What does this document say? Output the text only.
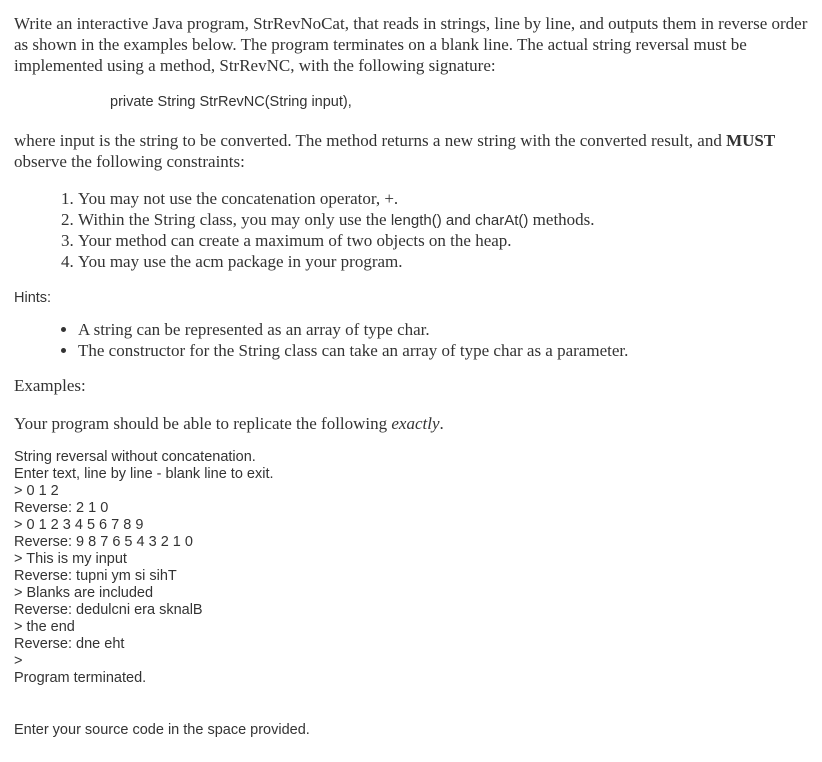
Write an interactive Java program, StrRevNoCat, that reads in strings, line by line, and outputs them in reverse order as shown in the examples below. The program terminates on a blank line. The actual string reversal must be implemented using a method, StrRevNC, with the following signature:

private String StrRevNC(String input),

where input is the string to be converted. The method returns a new string with the converted result, and MUST observe the following constraints:

1. You may not use the concatenation operator, +.
2. Within the String class, you may only use the length() and charAt() methods.
3. Your method can create a maximum of two objects on the heap.
4. You may use the acm package in your program.

Hints:

• A string can be represented as an array of type char.
• The constructor for the String class can take an array of type char as a parameter.

Examples:

Your program should be able to replicate the following exactly.

String reversal without concatenation.
Enter text, line by line - blank line to exit.
> 0 1 2
Reverse: 2 1 0
> 0 1 2 3 4 5 6 7 8 9
Reverse: 9 8 7 6 5 4 3 2 1 0
> This is my input
Reverse: tupni ym si sihT
> Blanks are included
Reverse: dedulcni era sknalB
> the end
Reverse: dne eht
>
Program terminated.

Enter your source code in the space provided.
